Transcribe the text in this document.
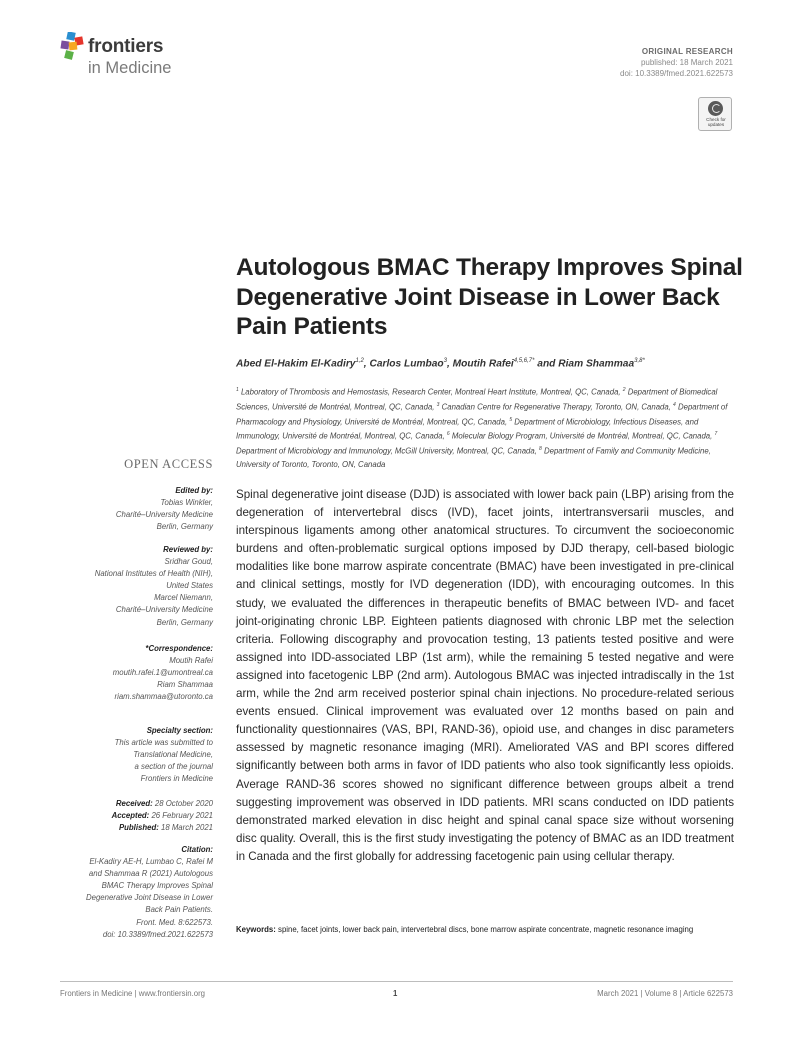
frontiers
in Medicine
ORIGINAL RESEARCH
published: 18 March 2021
doi: 10.3389/fmed.2021.622573
Check for
updates
Autologous BMAC Therapy Improves Spinal Degenerative Joint Disease in Lower Back Pain Patients
Abed El-Hakim El-Kadiry$^{1,2}$, Carlos Lumbao$^3$, Moutih Rafei$^{4,5,6,7*}$ and Riam Shammaa$^{3,8*}$
$^1$ Laboratory of Thrombosis and Hemostasis, Research Center, Montreal Heart Institute, Montreal, QC, Canada, $^2$ Department of Biomedical Sciences, Université de Montréal, Montreal, QC, Canada, $^3$ Canadian Centre for Regenerative Therapy, Toronto, ON, Canada, $^4$ Department of Pharmacology and Physiology, Université de Montréal, Montreal, QC, Canada, $^5$ Department of Microbiology, Infectious Diseases, and Immunology, Université de Montréal, Montreal, QC, Canada, $^6$ Molecular Biology Program, Université de Montréal, Montreal, QC, Canada, $^7$ Department of Microbiology and Immunology, McGill University, Montreal, QC, Canada, $^8$ Department of Family and Community Medicine, University of Toronto, Toronto, ON, Canada
OPEN ACCESS
Edited by:
Tobias Winkler,
Charité–University Medicine
Berlin, Germany
Reviewed by:
Sridhar Goud,
National Institutes of Health (NIH),
United States
Marcel Niemann,
Charité–University Medicine
Berlin, Germany
*Correspondence:
Moutih Rafei
moutih.rafei.1@umontreal.ca
Riam Shammaa
riam.shammaa@utoronto.ca
Specialty section:
This article was submitted to
Translational Medicine,
a section of the journal
Frontiers in Medicine
Received: 28 October 2020
Accepted: 26 February 2021
Published: 18 March 2021
Citation:
El-Kadiry AE-H, Lumbao C, Rafei M
and Shammaa R (2021) Autologous
BMAC Therapy Improves Spinal
Degenerative Joint Disease in Lower
Back Pain Patients.
Front. Med. 8:622573.
doi: 10.3389/fmed.2021.622573

Spinal degenerative joint disease (DJD) is associated with lower back pain (LBP) arising from the degeneration of intervertebral discs (IVD), facet joints, intertransversarii muscles, and interspinous ligaments among other anatomical structures. To circumvent the socioeconomic burdens and often-problematic surgical options imposed by DJD therapy, cell-based biologic modalities like bone marrow aspirate concentrate (BMAC) have been investigated in pre-clinical and clinical settings, mostly for IVD degeneration (IDD), with encouraging outcomes. In this study, we evaluated the differences in therapeutic benefits of BMAC between IVD- and facet joint-originating chronic LBP. Eighteen patients diagnosed with chronic LBP met the selection criteria. Following discography and provocation testing, 13 patients tested positive and were assigned into IDD-associated LBP (1st arm), while the remaining 5 tested negative and were assigned into facetogenic LBP (2nd arm). Autologous BMAC was injected intradiscally in the 1st arm, while the 2nd arm received posterior spinal chain injections. No procedure-related serious events ensued. Clinical improvement was evaluated over 12 months based on pain and functionality questionnaires (VAS, BPI, RAND-36), opioid use, and changes in disc parameters assessed by magnetic resonance imaging (MRI). Ameliorated VAS and BPI scores differed significantly between both arms in favor of IDD patients who also took significantly less opioids. Average RAND-36 scores showed no significant difference between groups albeit a trend suggesting improvement was observed in IDD patients. MRI scans conducted on IDD patients demonstrated marked elevation in disc height and spinal canal space size without worsening disc quality. Overall, this is the first study investigating the potency of BMAC as an IDD treatment in Canada and the first globally for addressing facetogenic pain using cellular therapy.

Keywords: spine, facet joints, lower back pain, intervertebral discs, bone marrow aspirate concentrate, magnetic resonance imaging
Frontiers in Medicine | www.frontiersin.org	1	March 2021 | Volume 8 | Article 622573
